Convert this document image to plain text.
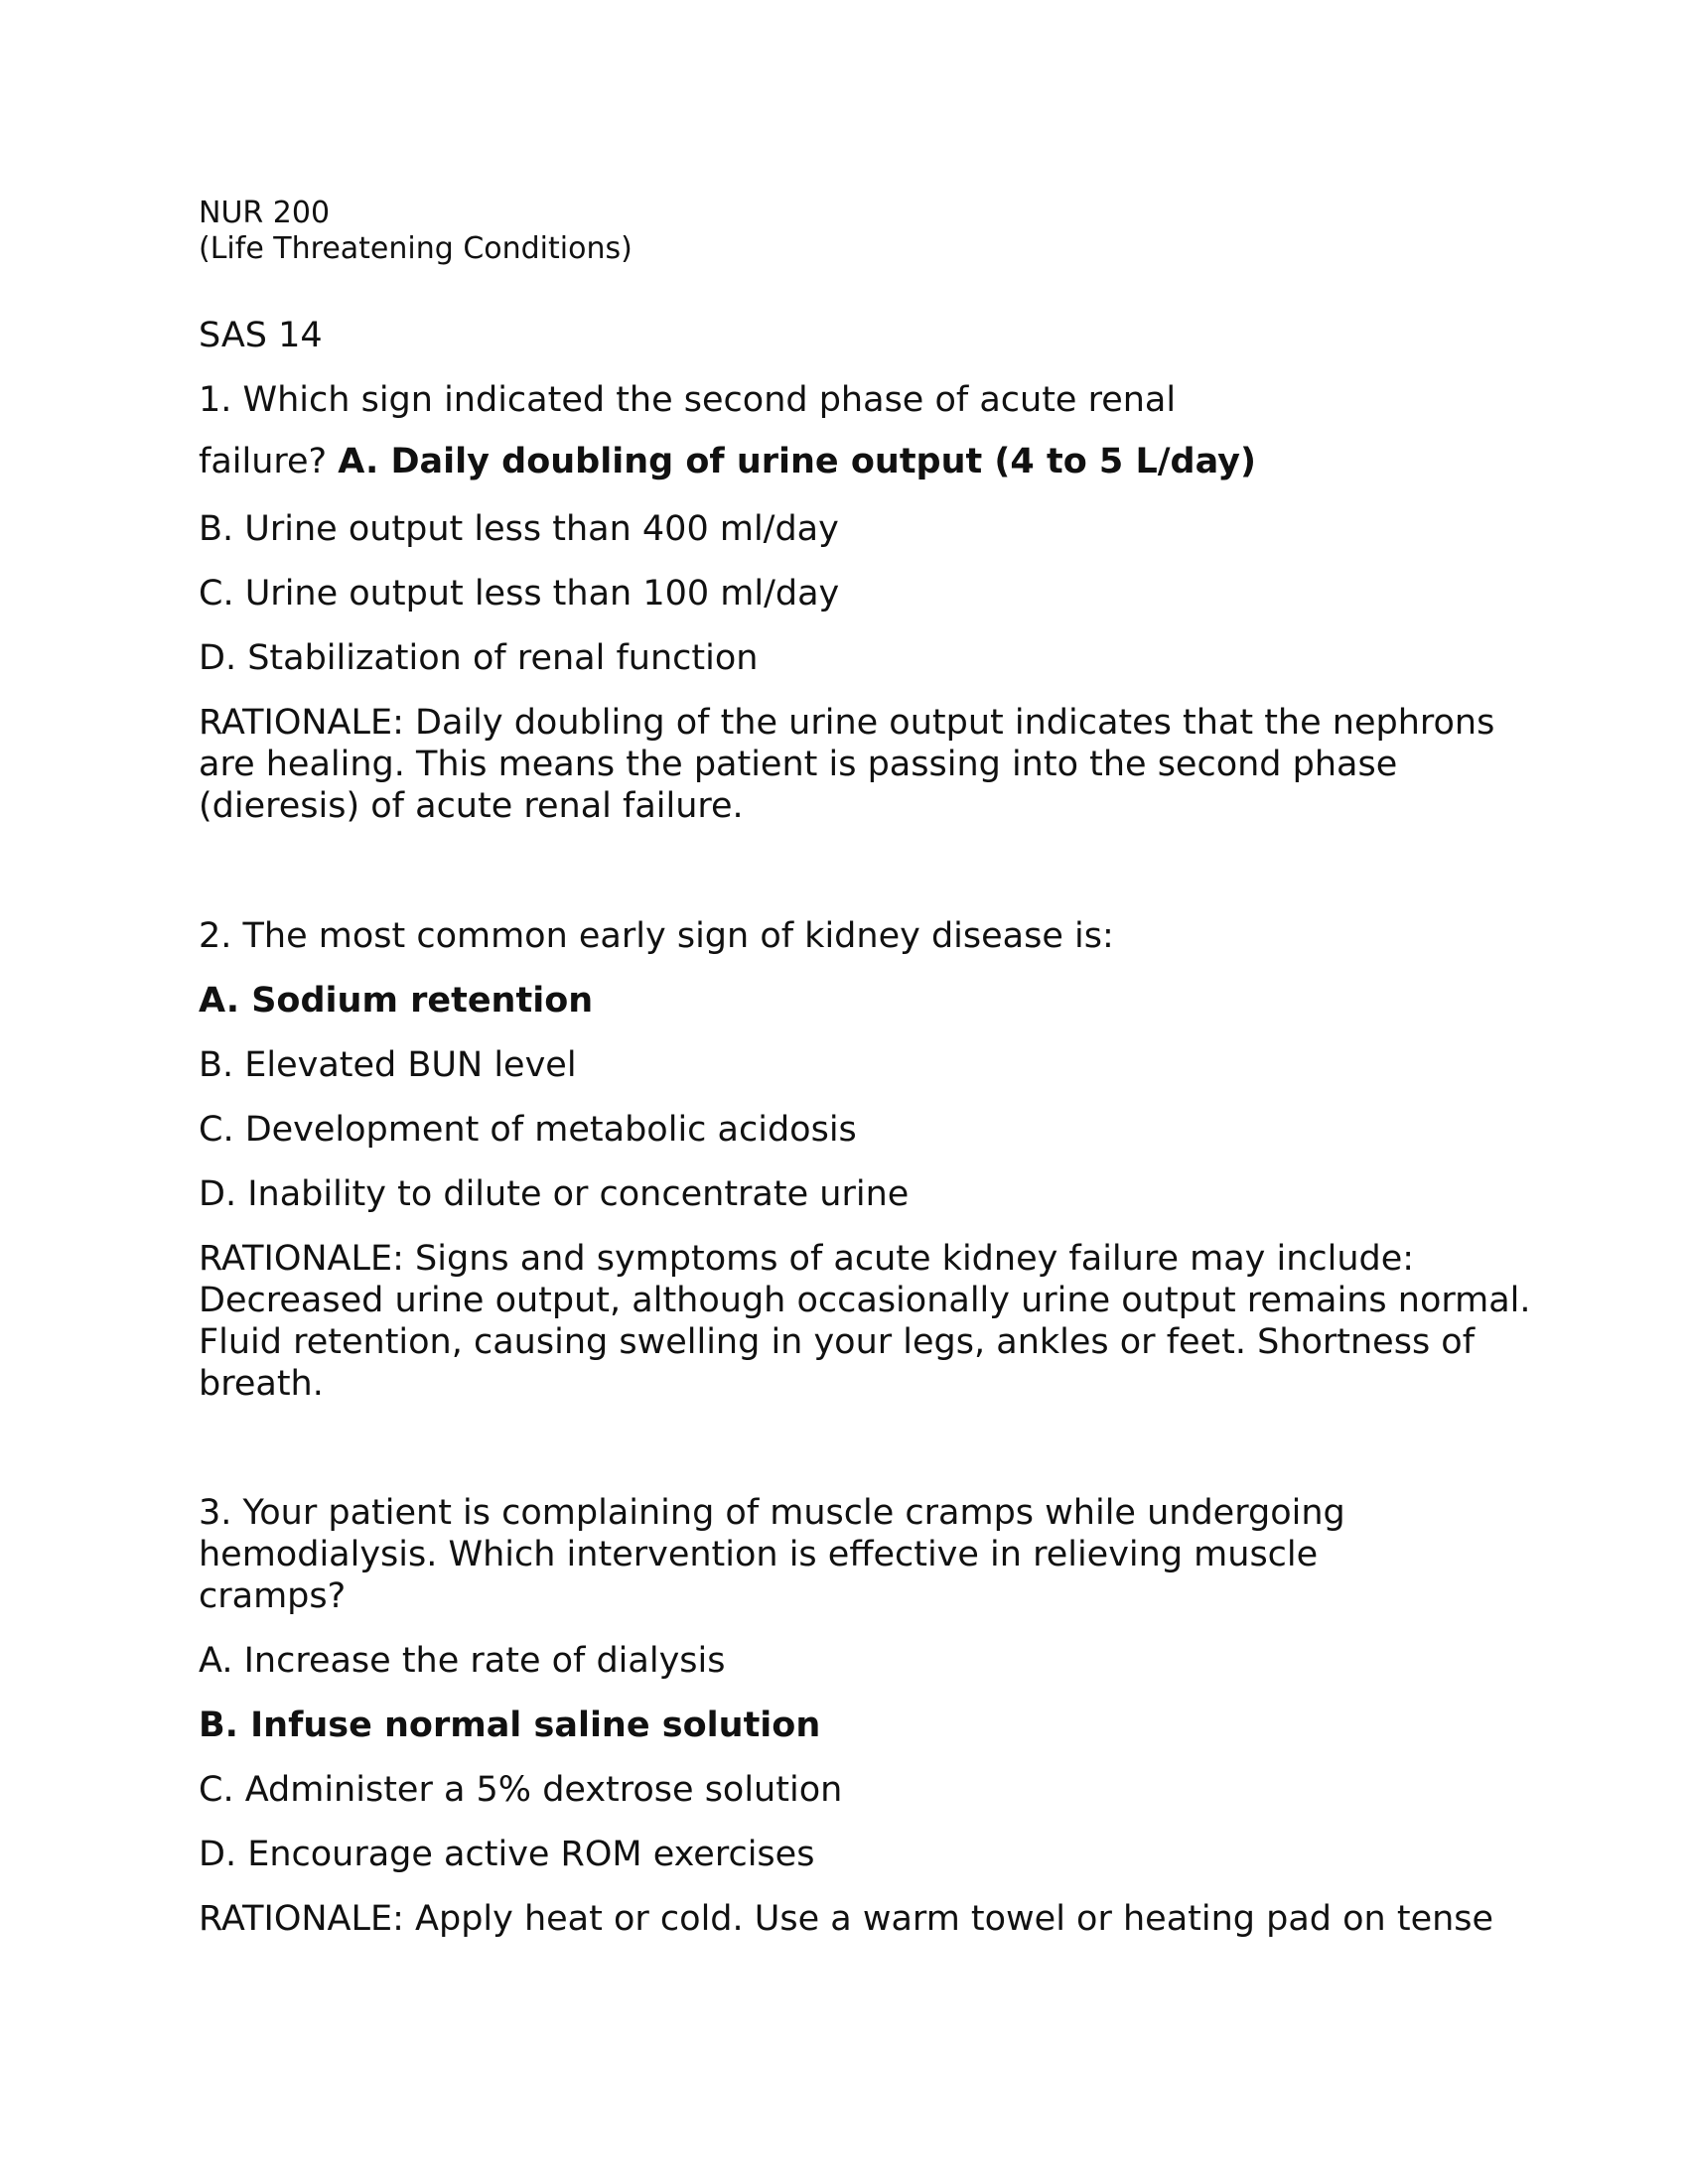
NUR 200
(Life Threatening Conditions)
SAS 14
1. Which sign indicated the second phase of acute renal
failure? A. Daily doubling of urine output (4 to 5 L/day)
B. Urine output less than 400 ml/day
C. Urine output less than 100 ml/day
D. Stabilization of renal function
RATIONALE: Daily doubling of the urine output indicates that the nephrons
are healing. This means the patient is passing into the second phase
(dieresis) of acute renal failure.
2. The most common early sign of kidney disease is:
A. Sodium retention
B. Elevated BUN level
C. Development of metabolic acidosis
D. Inability to dilute or concentrate urine
RATIONALE: Signs and symptoms of acute kidney failure may include:
Decreased urine output, although occasionally urine output remains normal.
Fluid retention, causing swelling in your legs, ankles or feet. Shortness of
breath.
3. Your patient is complaining of muscle cramps while undergoing
hemodialysis. Which intervention is effective in relieving muscle
cramps?
A. Increase the rate of dialysis
B. Infuse normal saline solution
C. Administer a 5% dextrose solution
D. Encourage active ROM exercises
RATIONALE: Apply heat or cold. Use a warm towel or heating pad on tense
